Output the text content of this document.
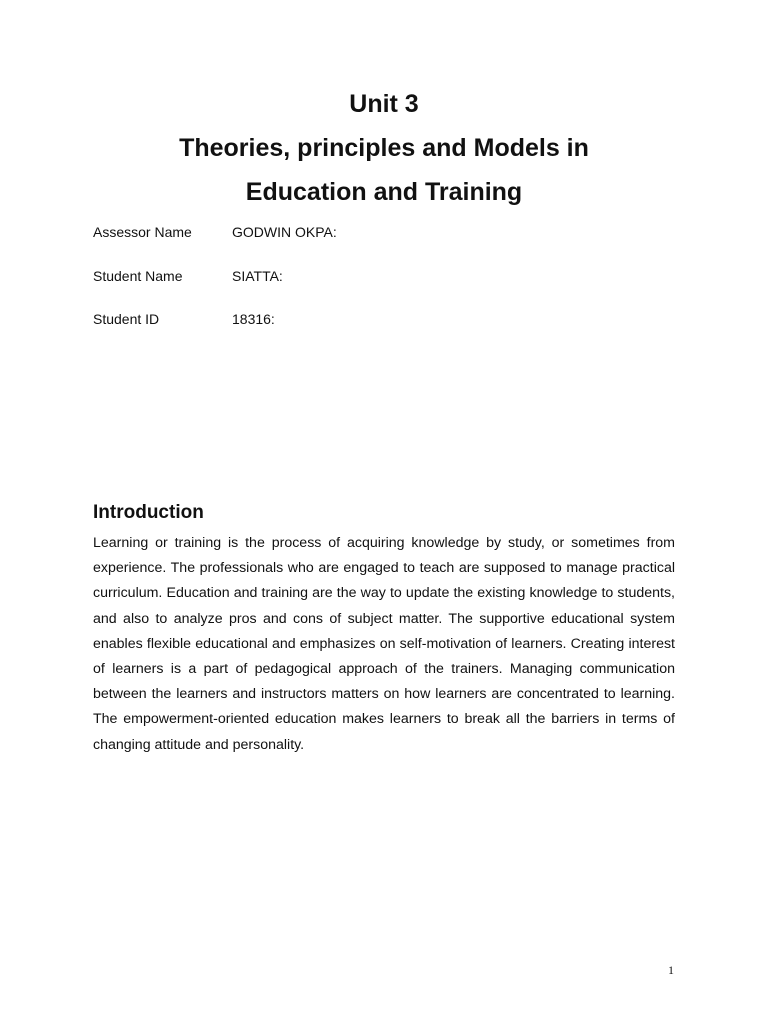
Unit 3
Theories, principles and Models in
Education and Training
Assessor Name	GODWIN OKPA:
Student Name	SIATTA:
Student ID	18316:
Introduction
Learning or training is the process of acquiring knowledge by study, or sometimes from experience. The professionals who are engaged to teach are supposed to manage practical curriculum. Education and training are the way to update the existing knowledge to students, and also to analyze pros and cons of subject matter. The supportive educational system enables flexible educational and emphasizes on self-motivation of learners. Creating interest of learners is a part of pedagogical approach of the trainers. Managing communication between the learners and instructors matters on how learners are concentrated to learning. The empowerment-oriented education makes learners to break all the barriers in terms of changing attitude and personality.
1
